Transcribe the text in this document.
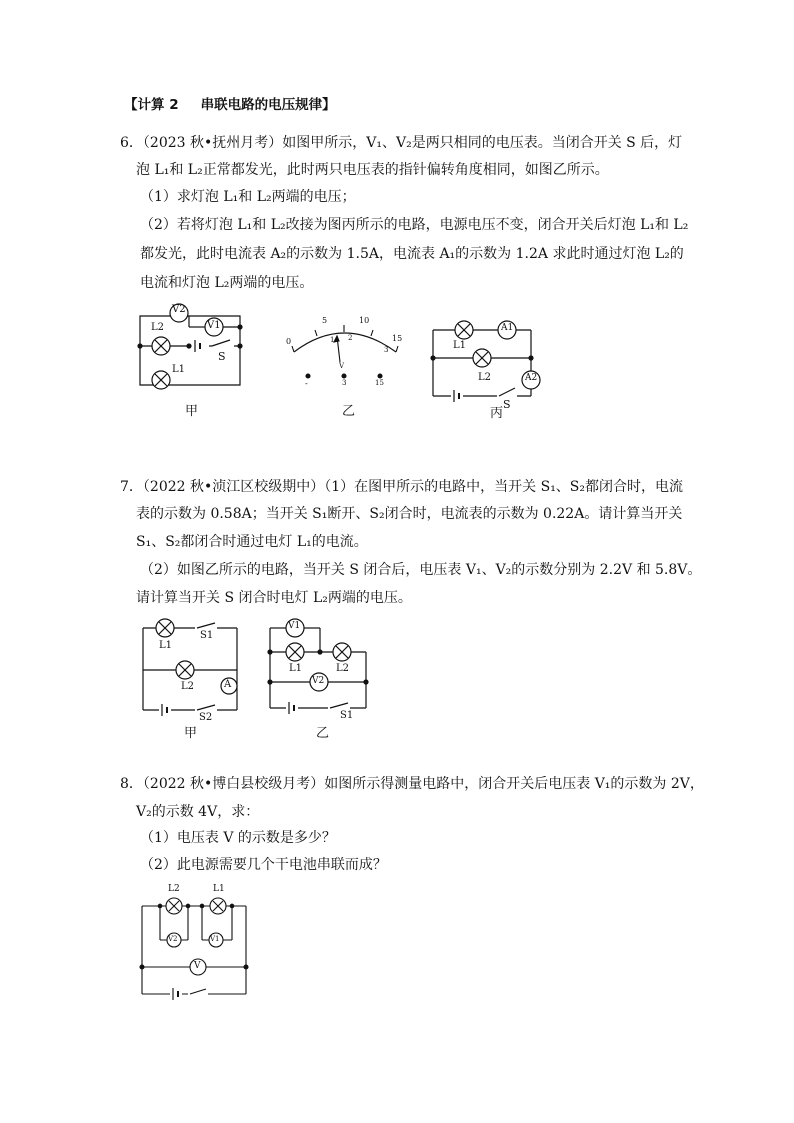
【计算 2 串联电路的电压规律】
6．（2023 秋•抚州月考）如图甲所示，V₁、V₂是两只相同的电压表。当闭合开关 S 后，灯
泡 L₁和 L₂正常都发光，此时两只电压表的指针偏转角度相同，如图乙所示。
（1）求灯泡 L₁和 L₂两端的电压；
（2）若将灯泡 L₁和 L₂改接为图丙所示的电路，电源电压不变，闭合开关后灯泡 L₁和 L₂
都发光，此时电流表 A₂的示数为 1.5A，电流表 A₁的示数为 1.2A 求此时通过灯泡 L₂的
电流和灯泡 L₂两端的电压。
V2
V1
L2
S
L1
甲
0
5	10
15
1 2
3
V
-	3	15
乙
A1
L1
L2	A2
S
丙
7．（2022 秋•浈江区校级期中）（1）在图甲所示的电路中，当开关 S₁、S₂都闭合时，电流
表的示数为 0.58A；当开关 S₁断开、S₂闭合时，电流表的示数为 0.22A。请计算当开关
S₁、S₂都闭合时通过电灯 L₁的电流。
（2）如图乙所示的电路，当开关 S 闭合后，电压表 V₁、V₂的示数分别为 2.2V 和 5.8V。
请计算当开关 S 闭合时电灯 L₂两端的电压。
S1
L1
L2	A
S2
甲
V1
L1	L2
V2
S1
乙
8．（2022 秋•博白县校级月考）如图所示得测量电路中，闭合开关后电压表 V₁的示数为 2V，
V₂的示数 4V，求：
（1）电压表 V 的示数是多少？
（2）此电源需要几个干电池串联而成？
L2	L1
V2	V1
V
